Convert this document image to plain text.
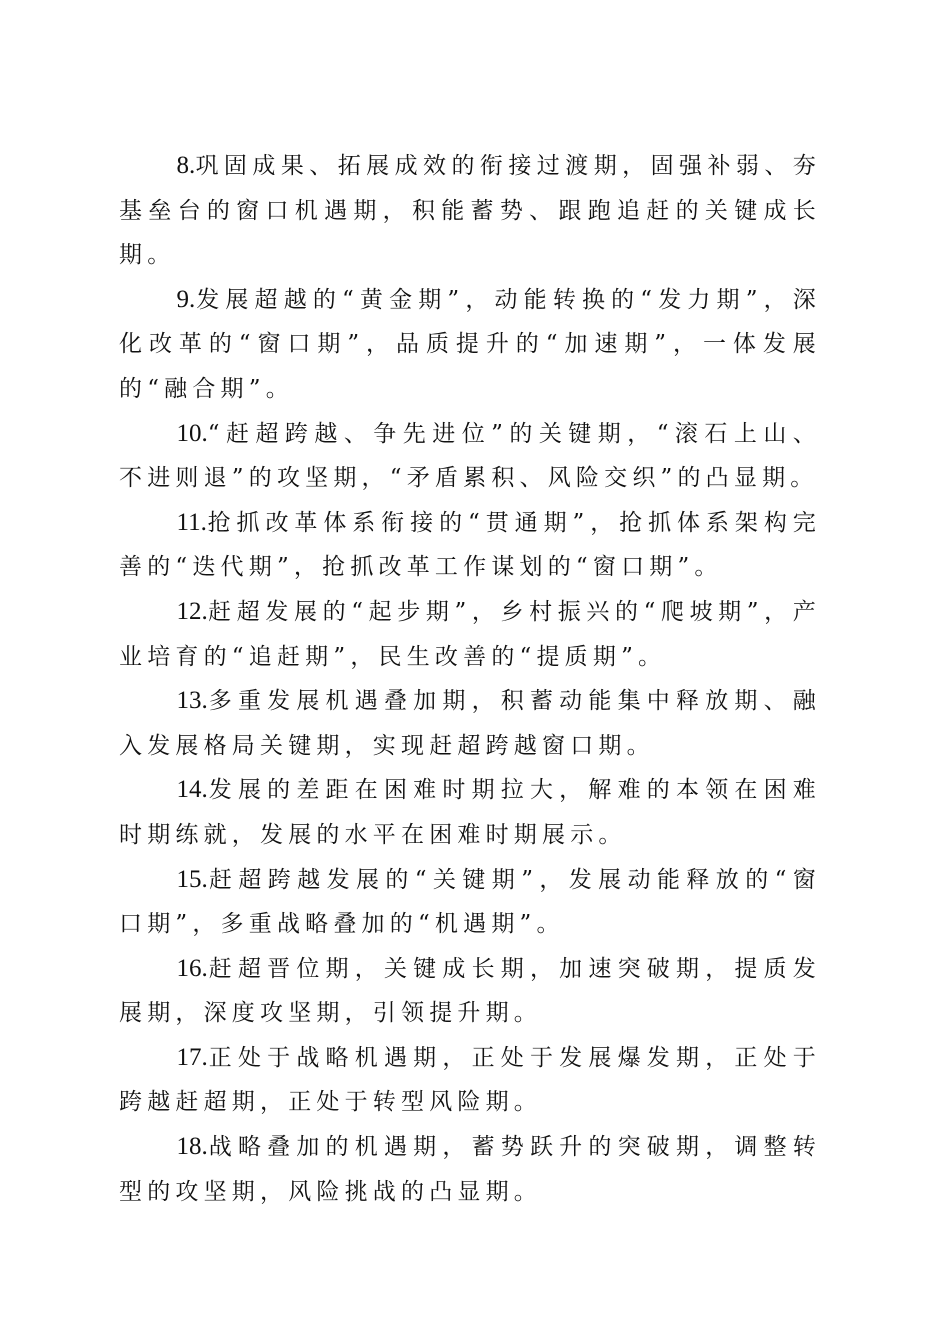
8.巩固成果、拓展成效的衔接过渡期，固强补弱、夯基垒台的窗口机遇期，积能蓄势、跟跑追赶的关键成长期。

9.发展超越的“黄金期”，动能转换的“发力期”，深化改革的“窗口期”，品质提升的“加速期”，一体发展的“融合期”。

10.“赶超跨越、争先进位”的关键期，“滚石上山、不进则退”的攻坚期，“矛盾累积、风险交织”的凸显期。

11.抢抓改革体系衔接的“贯通期”，抢抓体系架构完善的“迭代期”，抢抓改革工作谋划的“窗口期”。

12.赶超发展的“起步期”，乡村振兴的“爬坡期”，产业培育的“追赶期”，民生改善的“提质期”。

13.多重发展机遇叠加期，积蓄动能集中释放期、融入发展格局关键期，实现赶超跨越窗口期。

14.发展的差距在困难时期拉大，解难的本领在困难时期练就，发展的水平在困难时期展示。

15.赶超跨越发展的“关键期”，发展动能释放的“窗口期”，多重战略叠加的“机遇期”。

16.赶超晋位期，关键成长期，加速突破期，提质发展期，深度攻坚期，引领提升期。

17.正处于战略机遇期，正处于发展爆发期，正处于跨越赶超期，正处于转型风险期。

18.战略叠加的机遇期，蓄势跃升的突破期，调整转型的攻坚期，风险挑战的凸显期。
